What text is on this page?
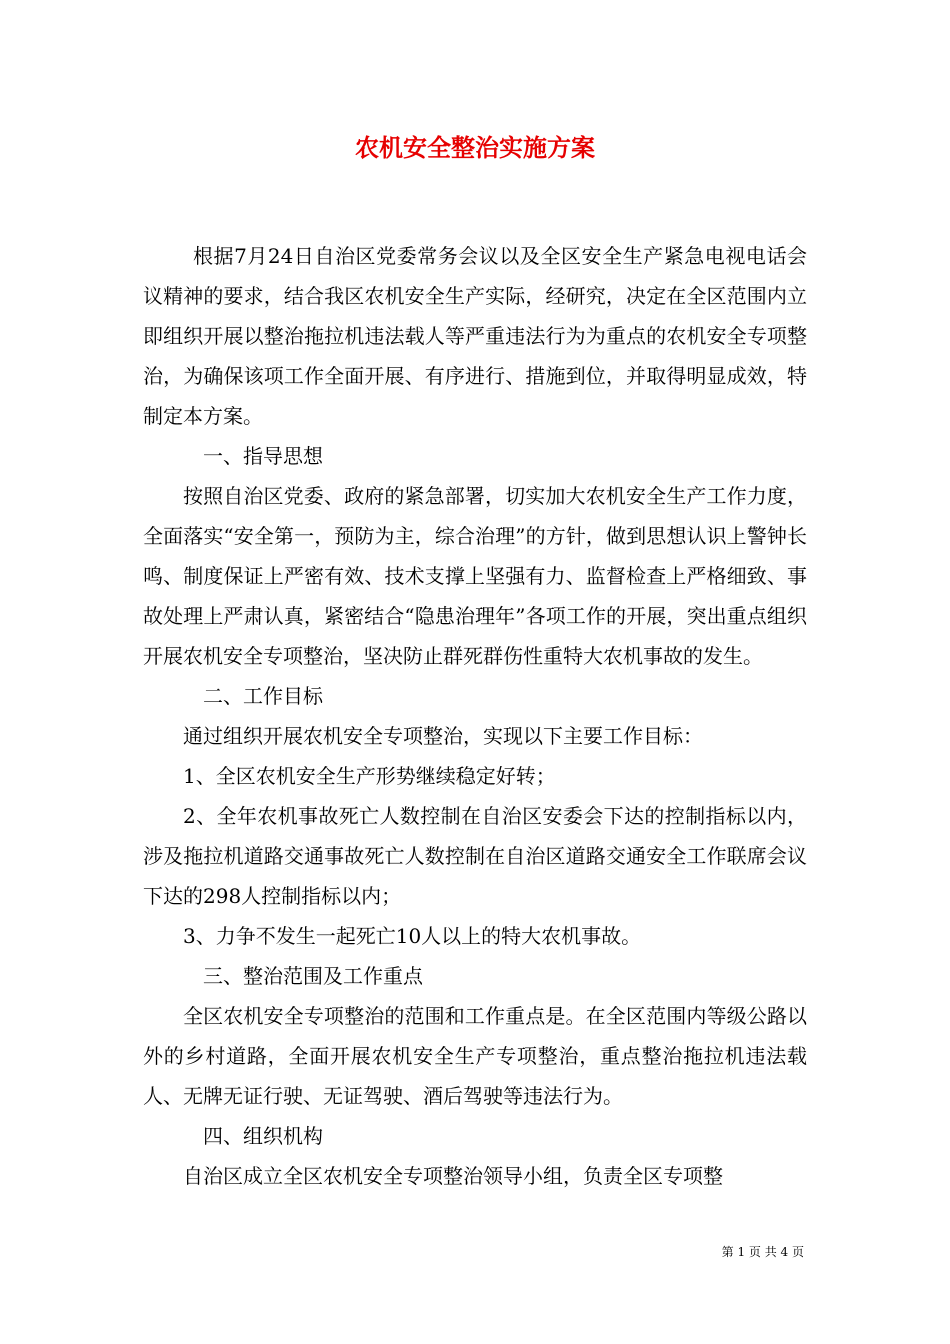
农机安全整治实施方案

根据7月24日自治区党委常务会议以及全区安全生产紧急电视电话会议精神的要求，结合我区农机安全生产实际，经研究，决定在全区范围内立即组织开展以整治拖拉机违法载人等严重违法行为为重点的农机安全专项整治，为确保该项工作全面开展、有序进行、措施到位，并取得明显成效，特制定本方案。

一、指导思想

按照自治区党委、政府的紧急部署，切实加大农机安全生产工作力度，全面落实“安全第一，预防为主，综合治理”的方针，做到思想认识上警钟长鸣、制度保证上严密有效、技术支撑上坚强有力、监督检查上严格细致、事故处理上严肃认真，紧密结合“隐患治理年”各项工作的开展，突出重点组织开展农机安全专项整治，坚决防止群死群伤性重特大农机事故的发生。

二、工作目标

通过组织开展农机安全专项整治，实现以下主要工作目标：

1、全区农机安全生产形势继续稳定好转；

2、全年农机事故死亡人数控制在自治区安委会下达的控制指标以内，涉及拖拉机道路交通事故死亡人数控制在自治区道路交通安全工作联席会议下达的298人控制指标以内；

3、力争不发生一起死亡10人以上的特大农机事故。

三、整治范围及工作重点

全区农机安全专项整治的范围和工作重点是。在全区范围内等级公路以外的乡村道路，全面开展农机安全生产专项整治，重点整治拖拉机违法载人、无牌无证行驶、无证驾驶、酒后驾驶等违法行为。

四、组织机构

自治区成立全区农机安全专项整治领导小组，负责全区专项整

第 1 页 共 4 页
